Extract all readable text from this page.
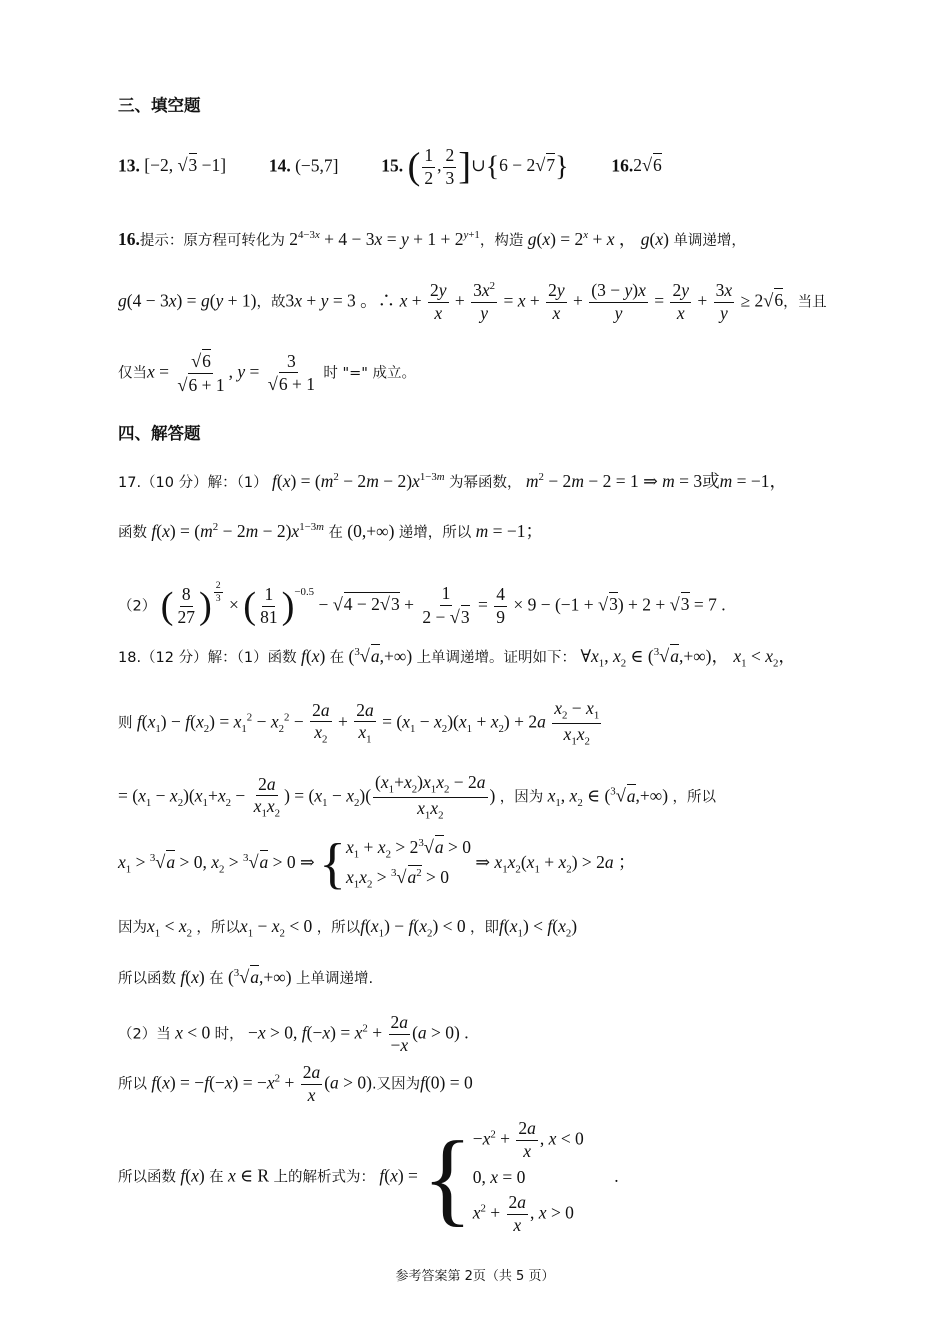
三、填空题
13. [−2, √3 −1] 14. (−5,7] 15. ( $\frac{1}{2}$ , $\frac{2}{3}$ ]∪{6 − 2√7} 16.2√6
16.提示：原方程可转化为 $2^{4-3x} + 4 - 3x = y + 1 + 2^{y+1}$，构造 $g(x) = 2^x + x$ ， g(x) 单调递增，
g(4 − 3x) = g(y + 1)，故3x + y = 3 。∴ $x + \frac{2y}{x} + \frac{3x^2}{y} = x + \frac{2y}{x} + \frac{(3 - y)x}{y} = \frac{2y}{x} + \frac{3x}{y} \ge 2√6$，当且
仅当$x = \frac{√6}{√6 + 1}$ , $y = \frac{3}{√6 + 1}$ 时 "=" 成立。
四、解答题
17.（10 分）解：（1） $f(x) = (m^2 - 2m - 2)x^{1-3m}$ 为幂函数， $m^2 - 2m - 2 = 1$ ⇒ m = 3或m = −1，
函数 $f(x) = (m^2 - 2m - 2)x^{1-3m}$ 在 (0,+∞) 递增，所以 m = −1；
（2） ( $\frac{8}{27}$ ) $^{\frac{2}{3}}$ × ( $\frac{1}{81} )^{-0.5} - √4 - 2√3 + \frac{1}{2 - √3} = \frac{4}{9} \times 9 - (-1 + √3) + 2 + √3 = 7$ .
18.（12 分）解：（1）函数 f(x) 在 ($^3$√a,+∞) 上单调递增。证明如下： $\forall x_1$, $x_2$ ∈ ($^3$√a,+∞)， $x_1 < x_2$，
则 $f(x_1) - f(x_2) = x_1^2 - x_2^2 - \frac{2a}{x_2} + \frac{2a}{x_1} = (x_1 - x_2)(x_1 + x_2) + 2a \frac{x_2 - x_1}{x_1x_2}$
= $(x_1 - x_2)(x_1+x_2 - \frac{2a}{x_1x_2}$ ) = $(x_1 - x_2)( \frac{(x_1+x_2)x_1x_2 - 2a}{x_1x_2}$ ) ，因为 $x_1$, $x_2$ ∈ ($^3$√a,+∞) ，所以
$x_1 > ^3√a > 0$, $x_2 > ^3√a > 0$ ⇒ { $x_1 + x_2 > 2^3√a > 0$
$x_1x_2 > ^3√a^2 > 0$
⇒ $x_1x_2(x_1 + x_2) > 2a$ ；
因为$x_1 < x_2$ ，所以$x_1 - x_2 < 0$ ，所以$f(x_1) - f(x_2) < 0$ ，即$f(x_1) < f(x_2)$
所以函数 f(x) 在 ($^3$√a,+∞) 上单调递增.
（2）当 x < 0 时， −x > 0, $f(-x) = x^2 + \frac{2a}{-x} (a > 0)$ .
所以 $f(x) = -f(-x) = -x^2 + \frac{2a}{x} (a > 0)$.又因为f(0) = 0
所以函数 f(x) 在 x ∈ R 上的解析式为： f(x) = { $-x^2 + \frac{2a}{x}$ , x < 0
0, x = 0
$x^2 + \frac{2a}{x}$ , x > 0
.
参考答案第 2页（共 5 页）
